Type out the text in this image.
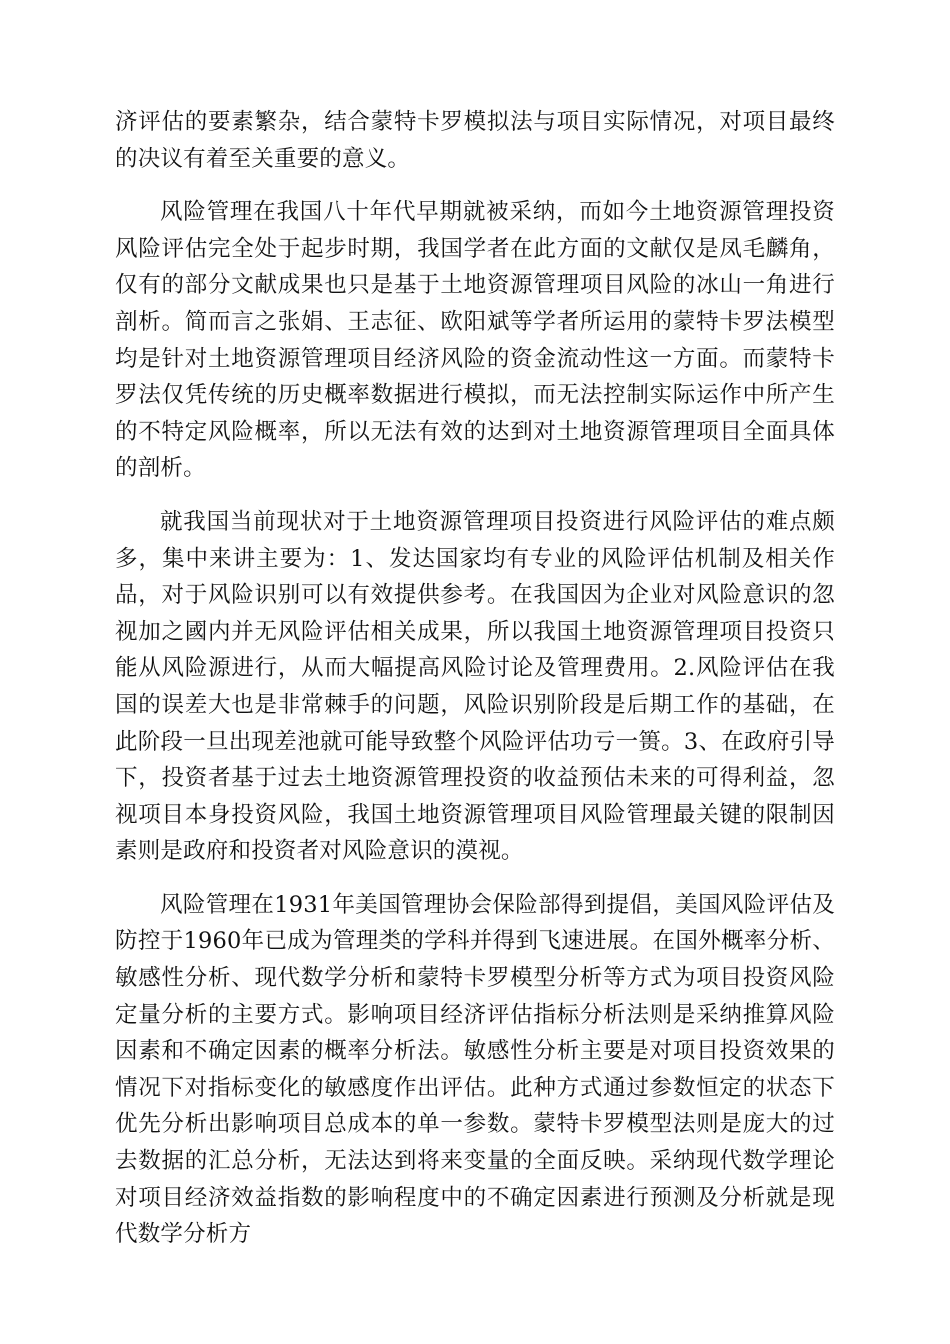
济评估的要素繁杂，结合蒙特卡罗模拟法与项目实际情况，对项目最终的决议有着至关重要的意义。

风险管理在我国八十年代早期就被采纳，而如今土地资源管理投资风险评估完全处于起步时期，我国学者在此方面的文献仅是凤毛麟角，仅有的部分文献成果也只是基于土地资源管理项目风险的冰山一角进行剖析。简而言之张娟、王志征、欧阳斌等学者所运用的蒙特卡罗法模型均是针对土地资源管理项目经济风险的资金流动性这一方面。而蒙特卡罗法仅凭传统的历史概率数据进行模拟，而无法控制实际运作中所产生的不特定风险概率，所以无法有效的达到对土地资源管理项目全面具体的剖析。

就我国当前现状对于土地资源管理项目投资进行风险评估的难点颇多，集中来讲主要为：1、发达国家均有专业的风险评估机制及相关作品，对于风险识别可以有效提供参考。在我国因为企业对风险意识的忽视加之國内并无风险评估相关成果，所以我国土地资源管理项目投资只能从风险源进行，从而大幅提高风险讨论及管理费用。2.风险评估在我国的误差大也是非常棘手的问题，风险识别阶段是后期工作的基础，在此阶段一旦出现差池就可能导致整个风险评估功亏一篑。3、在政府引导下，投资者基于过去土地资源管理投资的收益预估未来的可得利益，忽视项目本身投资风险，我国土地资源管理项目风险管理最关键的限制因素则是政府和投资者对风险意识的漠视。

风险管理在1931年美国管理协会保险部得到提倡，美国风险评估及防控于1960年已成为管理类的学科并得到飞速进展。在国外概率分析、敏感性分析、现代数学分析和蒙特卡罗模型分析等方式为项目投资风险定量分析的主要方式。影响项目经济评估指标分析法则是采纳推算风险因素和不确定因素的概率分析法。敏感性分析主要是对项目投资效果的情况下对指标变化的敏感度作出评估。此种方式通过参数恒定的状态下优先分析出影响项目总成本的单一参数。蒙特卡罗模型法则是庞大的过去数据的汇总分析，无法达到将来变量的全面反映。采纳现代数学理论对项目经济效益指数的影响程度中的不确定因素进行预测及分析就是现代数学分析方
